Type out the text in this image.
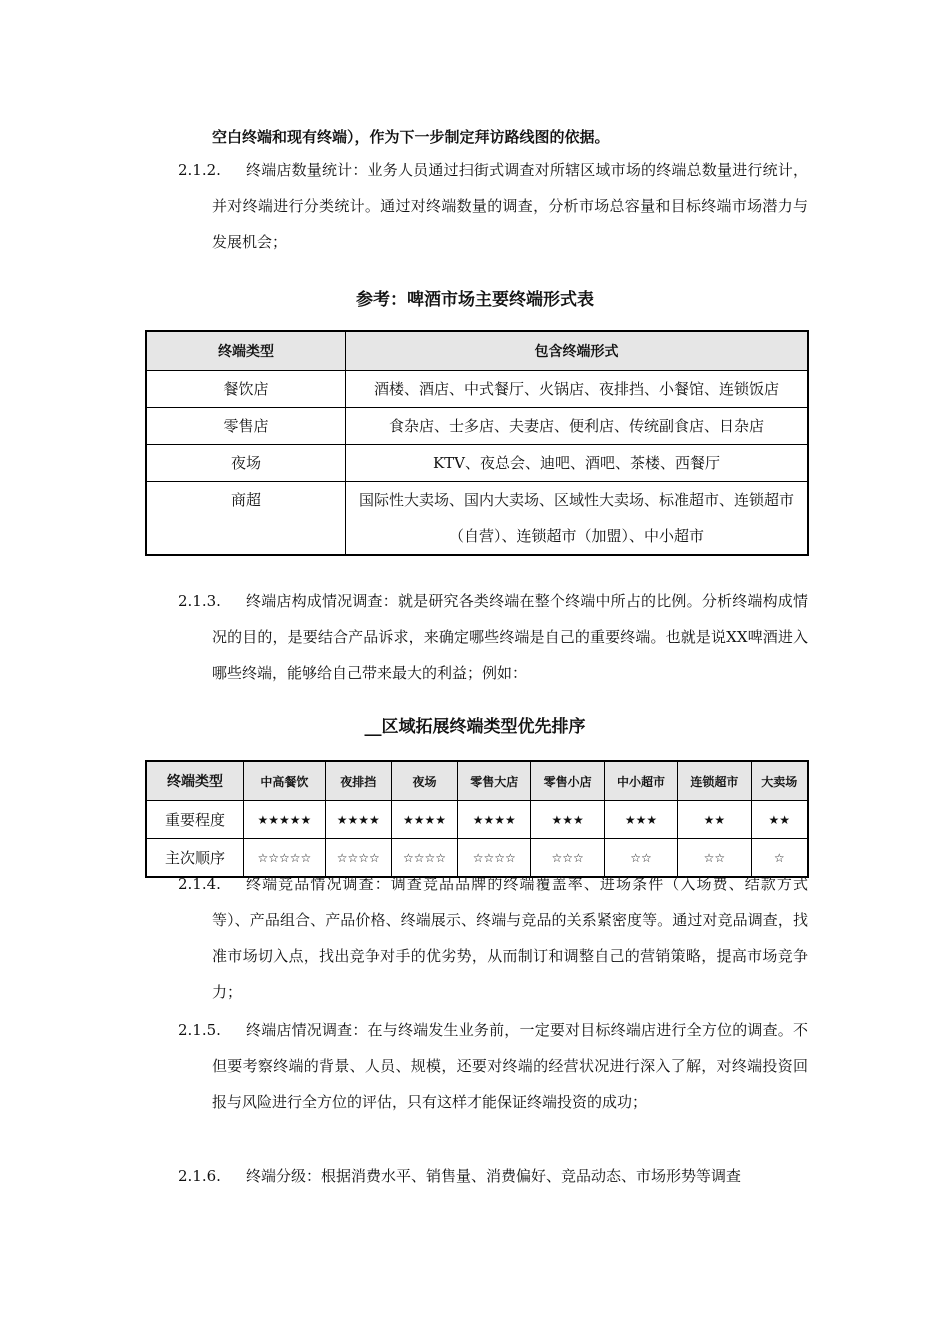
空白终端和现有终端），作为下一步制定拜访路线图的依据。
2.1.2.	终端店数量统计：业务人员通过扫街式调查对所辖区域市场的终端总数量进行统计，并对终端进行分类统计。通过对终端数量的调查，分析市场总容量和目标终端市场潜力与发展机会；
参考：啤酒市场主要终端形式表
终端类型	包含终端形式
餐饮店	酒楼、酒店、中式餐厅、火锅店、夜排挡、小餐馆、连锁饭店
零售店	食杂店、士多店、夫妻店、便利店、传统副食店、日杂店
夜场	KTV、夜总会、迪吧、酒吧、茶楼、西餐厅
商超	国际性大卖场、国内大卖场、区域性大卖场、标准超市、连锁超市（自营）、连锁超市（加盟）、中小超市
2.1.3.	终端店构成情况调查：就是研究各类终端在整个终端中所占的比例。分析终端构成情况的目的，是要结合产品诉求，来确定哪些终端是自己的重要终端。也就是说XX啤酒进入哪些终端，能够给自己带来最大的利益；例如：
__区域拓展终端类型优先排序
终端类型	中高餐饮	夜排挡	夜场	零售大店	零售小店	中小超市	连锁超市	大卖场
重要程度	★★★★★	★★★★	★★★★	★★★★	★★★	★★★	★★	★★
主次顺序	☆☆☆☆☆	☆☆☆☆	☆☆☆☆	☆☆☆☆	☆☆☆	☆☆	☆☆	☆
2.1.4.	终端竞品情况调查：调查竞品品牌的终端覆盖率、进场条件（入场费、结款方式等）、产品组合、产品价格、终端展示、终端与竞品的关系紧密度等。通过对竞品调查，找准市场切入点，找出竞争对手的优劣势，从而制订和调整自己的营销策略，提高市场竞争力；
2.1.5.	终端店情况调查：在与终端发生业务前，一定要对目标终端店进行全方位的调查。不但要考察终端的背景、人员、规模，还要对终端的经营状况进行深入了解，对终端投资回报与风险进行全方位的评估，只有这样才能保证终端投资的成功；
2.1.6.	终端分级：根据消费水平、销售量、消费偏好、竞品动态、市场形势等调查
